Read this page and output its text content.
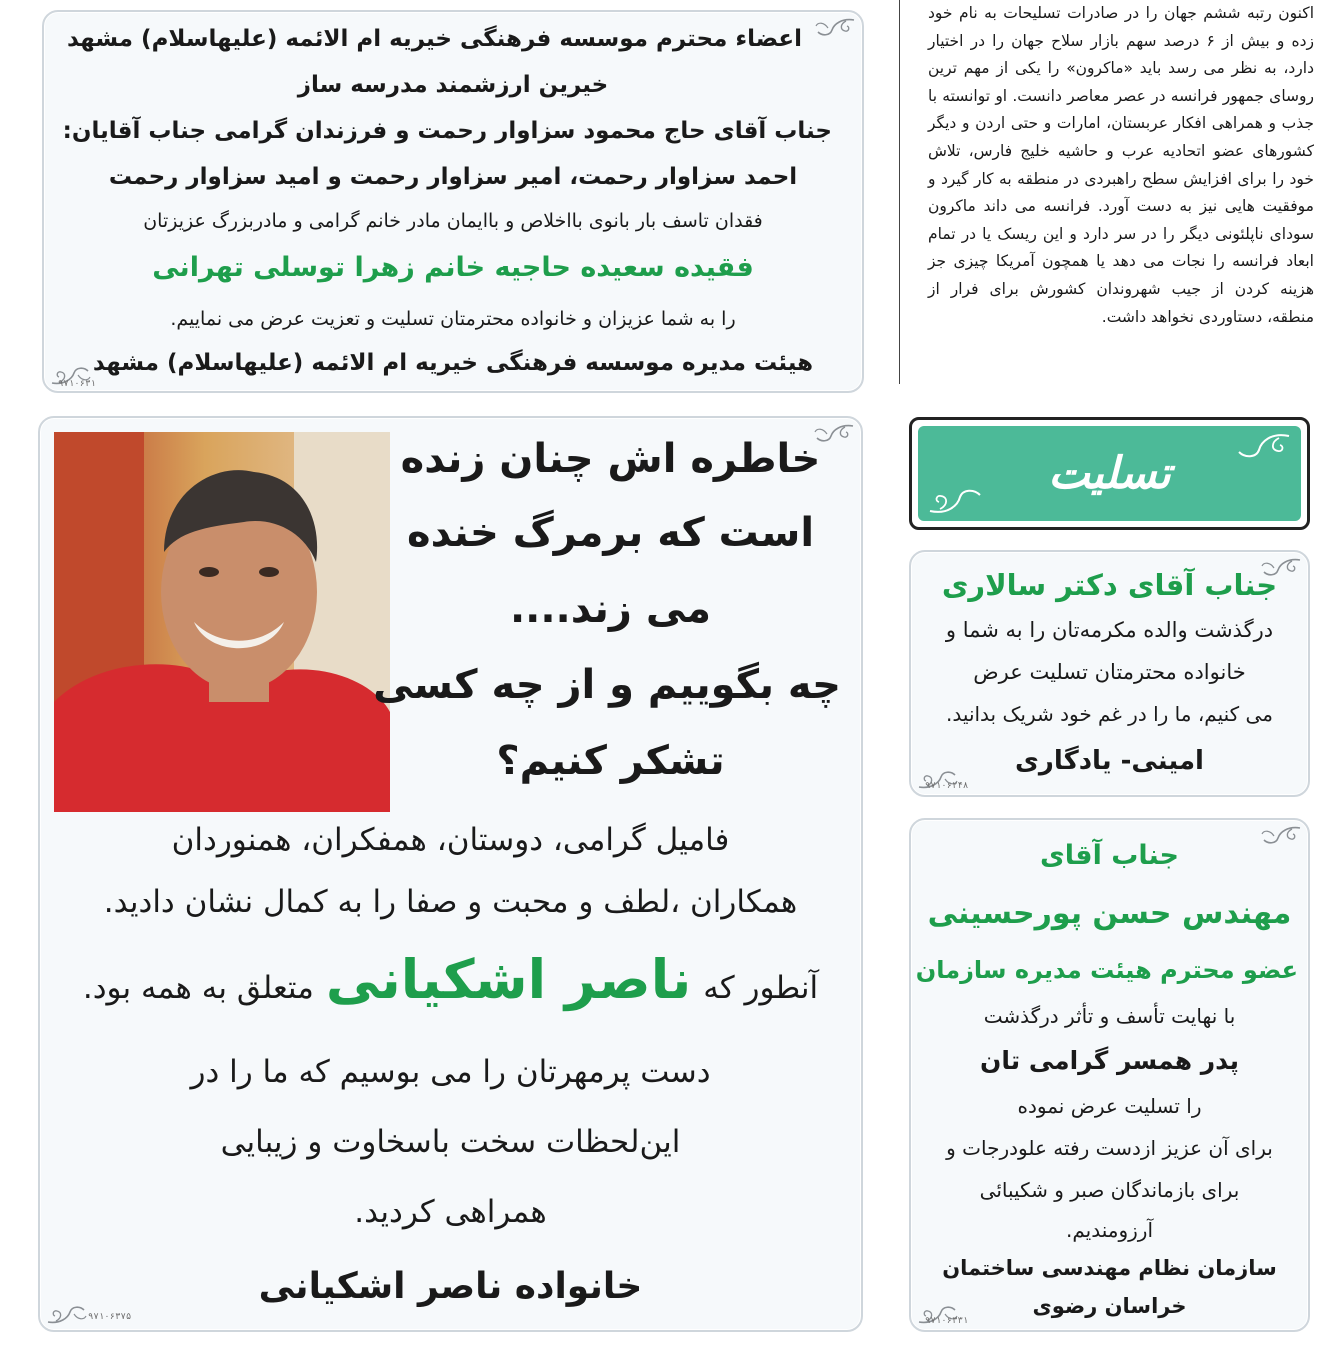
اکنون رتبه ششم جهان را در صادرات تسلیحات به نام خود زده و بیش از ۶ درصد سهم بازار سلاح جهان را در اختیار دارد، به نظر می رسد باید «ماکرون» را یکی از مهم ترین روسای جمهور فرانسه در عصر معاصر دانست. او توانسته با جذب و همراهی افکار عربستان، امارات و حتی اردن و دیگر کشورهای عضو اتحادیه عرب و حاشیه خلیج فارس، تلاش خود را برای افزایش سطح راهبردی در منطقه به کار گیرد و موفقیت هایی نیز به دست آورد. فرانسه می داند ماکرون سودای ناپلئونی دیگر را در سر دارد و این ریسک یا در تمام ابعاد فرانسه را نجات می دهد یا همچون آمریکا چیزی جز هزینه کردن از جیب شهروندان کشورش برای فرار از منطقه، دستاوردی نخواهد داشت.
اعضاء محترم موسسه فرهنگی خیریه ام الائمه (علیهاسلام) مشهد
خیرین ارزشمند مدرسه ساز
جناب آقای حاج محمود سزاوار رحمت و فرزندان گرامی جناب آقایان:
احمد سزاوار رحمت، امیر سزاوار رحمت و امید سزاوار رحمت
فقدان تاسف بار بانوی بااخلاص و باایمان مادر خانم گرامی و مادربزرگ عزیزتان
فقیده سعیده حاجیه خانم زهرا توسلی تهرانی
را به شما عزیزان و خانواده محترمتان تسلیت و تعزیت عرض می نماییم.
هیئت مدیره موسسه فرهنگی خیریه ام الائمه (علیهاسلام) مشهد
۹۷۱۰۶۳۱
خاطره اش چنان زنده
است که برمرگ خنده
می زند....
چه بگوییم و از چه کسی
تشکر کنیم؟
فامیل گرامی، دوستان، همفکران، همنوردان
همکاران ،لطف و محبت و صفا را به کمال نشان دادید.
آنطور که
ناصر اشکیانی
متعلق به همه بود.
دست پرمهرتان را می بوسیم که ما را در
این‌لحظات سخت باسخاوت و زیبایی
همراهی کردید.
خانواده ناصر اشکیانی
۹۷۱۰۶۳۷۵
تسلیت
جناب آقای دکتر سالاری
درگذشت والده مکرمه‌تان را به شما و
خانواده محترمتان تسلیت عرض
می کنیم، ما را در غم خود شریک بدانید.
امینی- یادگاری
۹۷۱۰۶۲۴۸
جناب آقای
مهندس حسن پورحسینی
عضو محترم هیئت مدیره سازمان
با نهایت تأسف و تأثر درگذشت
پدر همسر گرامی تان
را تسلیت عرض نموده
برای آن عزیز ازدست رفته علودرجات و
برای بازماندگان صبر و شکیبائی
آرزومندیم.
سازمان نظام مهندسی ساختمان
خراسان رضوی
۹۷۱۰۶۳۳۱
